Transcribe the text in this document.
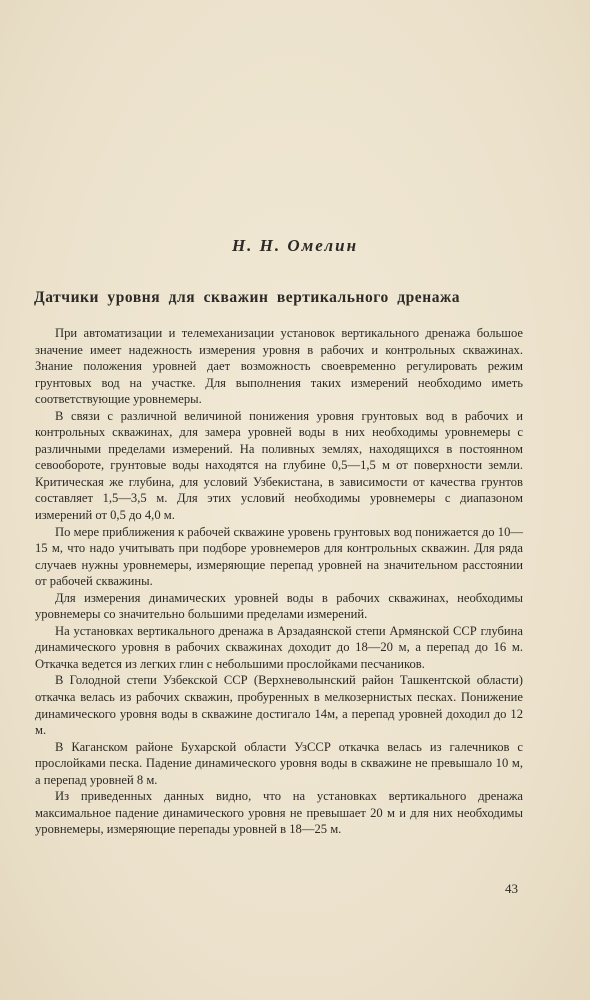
Н. Н. Омелин
Датчики уровня для скважин вертикального дренажа

При автоматизации и телемеханизации установок вертикального дренажа большое значение имеет надежность измерения уровня в рабочих и контрольных скважинах. Знание положения уровней дает возможность своевременно регулировать режим грунтовых вод на участке. Для выполнения таких измерений необходимо иметь соответствующие уровнемеры.

В связи с различной величиной понижения уровня грунтовых вод в рабочих и контрольных скважинах, для замера уровней воды в них необходимы уровнемеры с различными пределами измерений. На поливных землях, находящихся в постоянном севообороте, грунтовые воды находятся на глубине 0,5—1,5 м от поверхности земли. Критическая же глубина, для условий Узбекистана, в зависимости от качества грунтов составляет 1,5—3,5 м. Для этих условий необходимы уровнемеры с диапазоном измерений от 0,5 до 4,0 м.

По мере приближения к рабочей скважине уровень грунтовых вод понижается до 10—15 м, что надо учитывать при подборе уровнемеров для контрольных скважин. Для ряда случаев нужны уровнемеры, измеряющие перепад уровней на значительном расстоянии от рабочей скважины.

Для измерения динамических уровней воды в рабочих скважинах, необходимы уровнемеры со значительно большими пределами измерений.

На установках вертикального дренажа в Арзадаянской степи Армянской ССР глубина динамического уровня в рабочих скважинах доходит до 18—20 м, а перепад до 16 м. Откачка ведется из легких глин с небольшими прослойками песчаников.

В Голодной степи Узбекской ССР (Верхневолынский район Ташкентской области) откачка велась из рабочих скважин, пробуренных в мелкозернистых песках. Понижение динамического уровня воды в скважине достигало 14м, а перепад уровней доходил до 12 м.

В Каганском районе Бухарской области УзССР откачка велась из галечников с прослойками песка. Падение динамического уровня воды в скважине не превышало 10 м, а перепад уровней 8 м.

Из приведенных данных видно, что на установках вертикального дренажа максимальное падение динамического уровня не превышает 20 м и для них необходимы уровнемеры, измеряющие перепады уровней в 18—25 м.

43
